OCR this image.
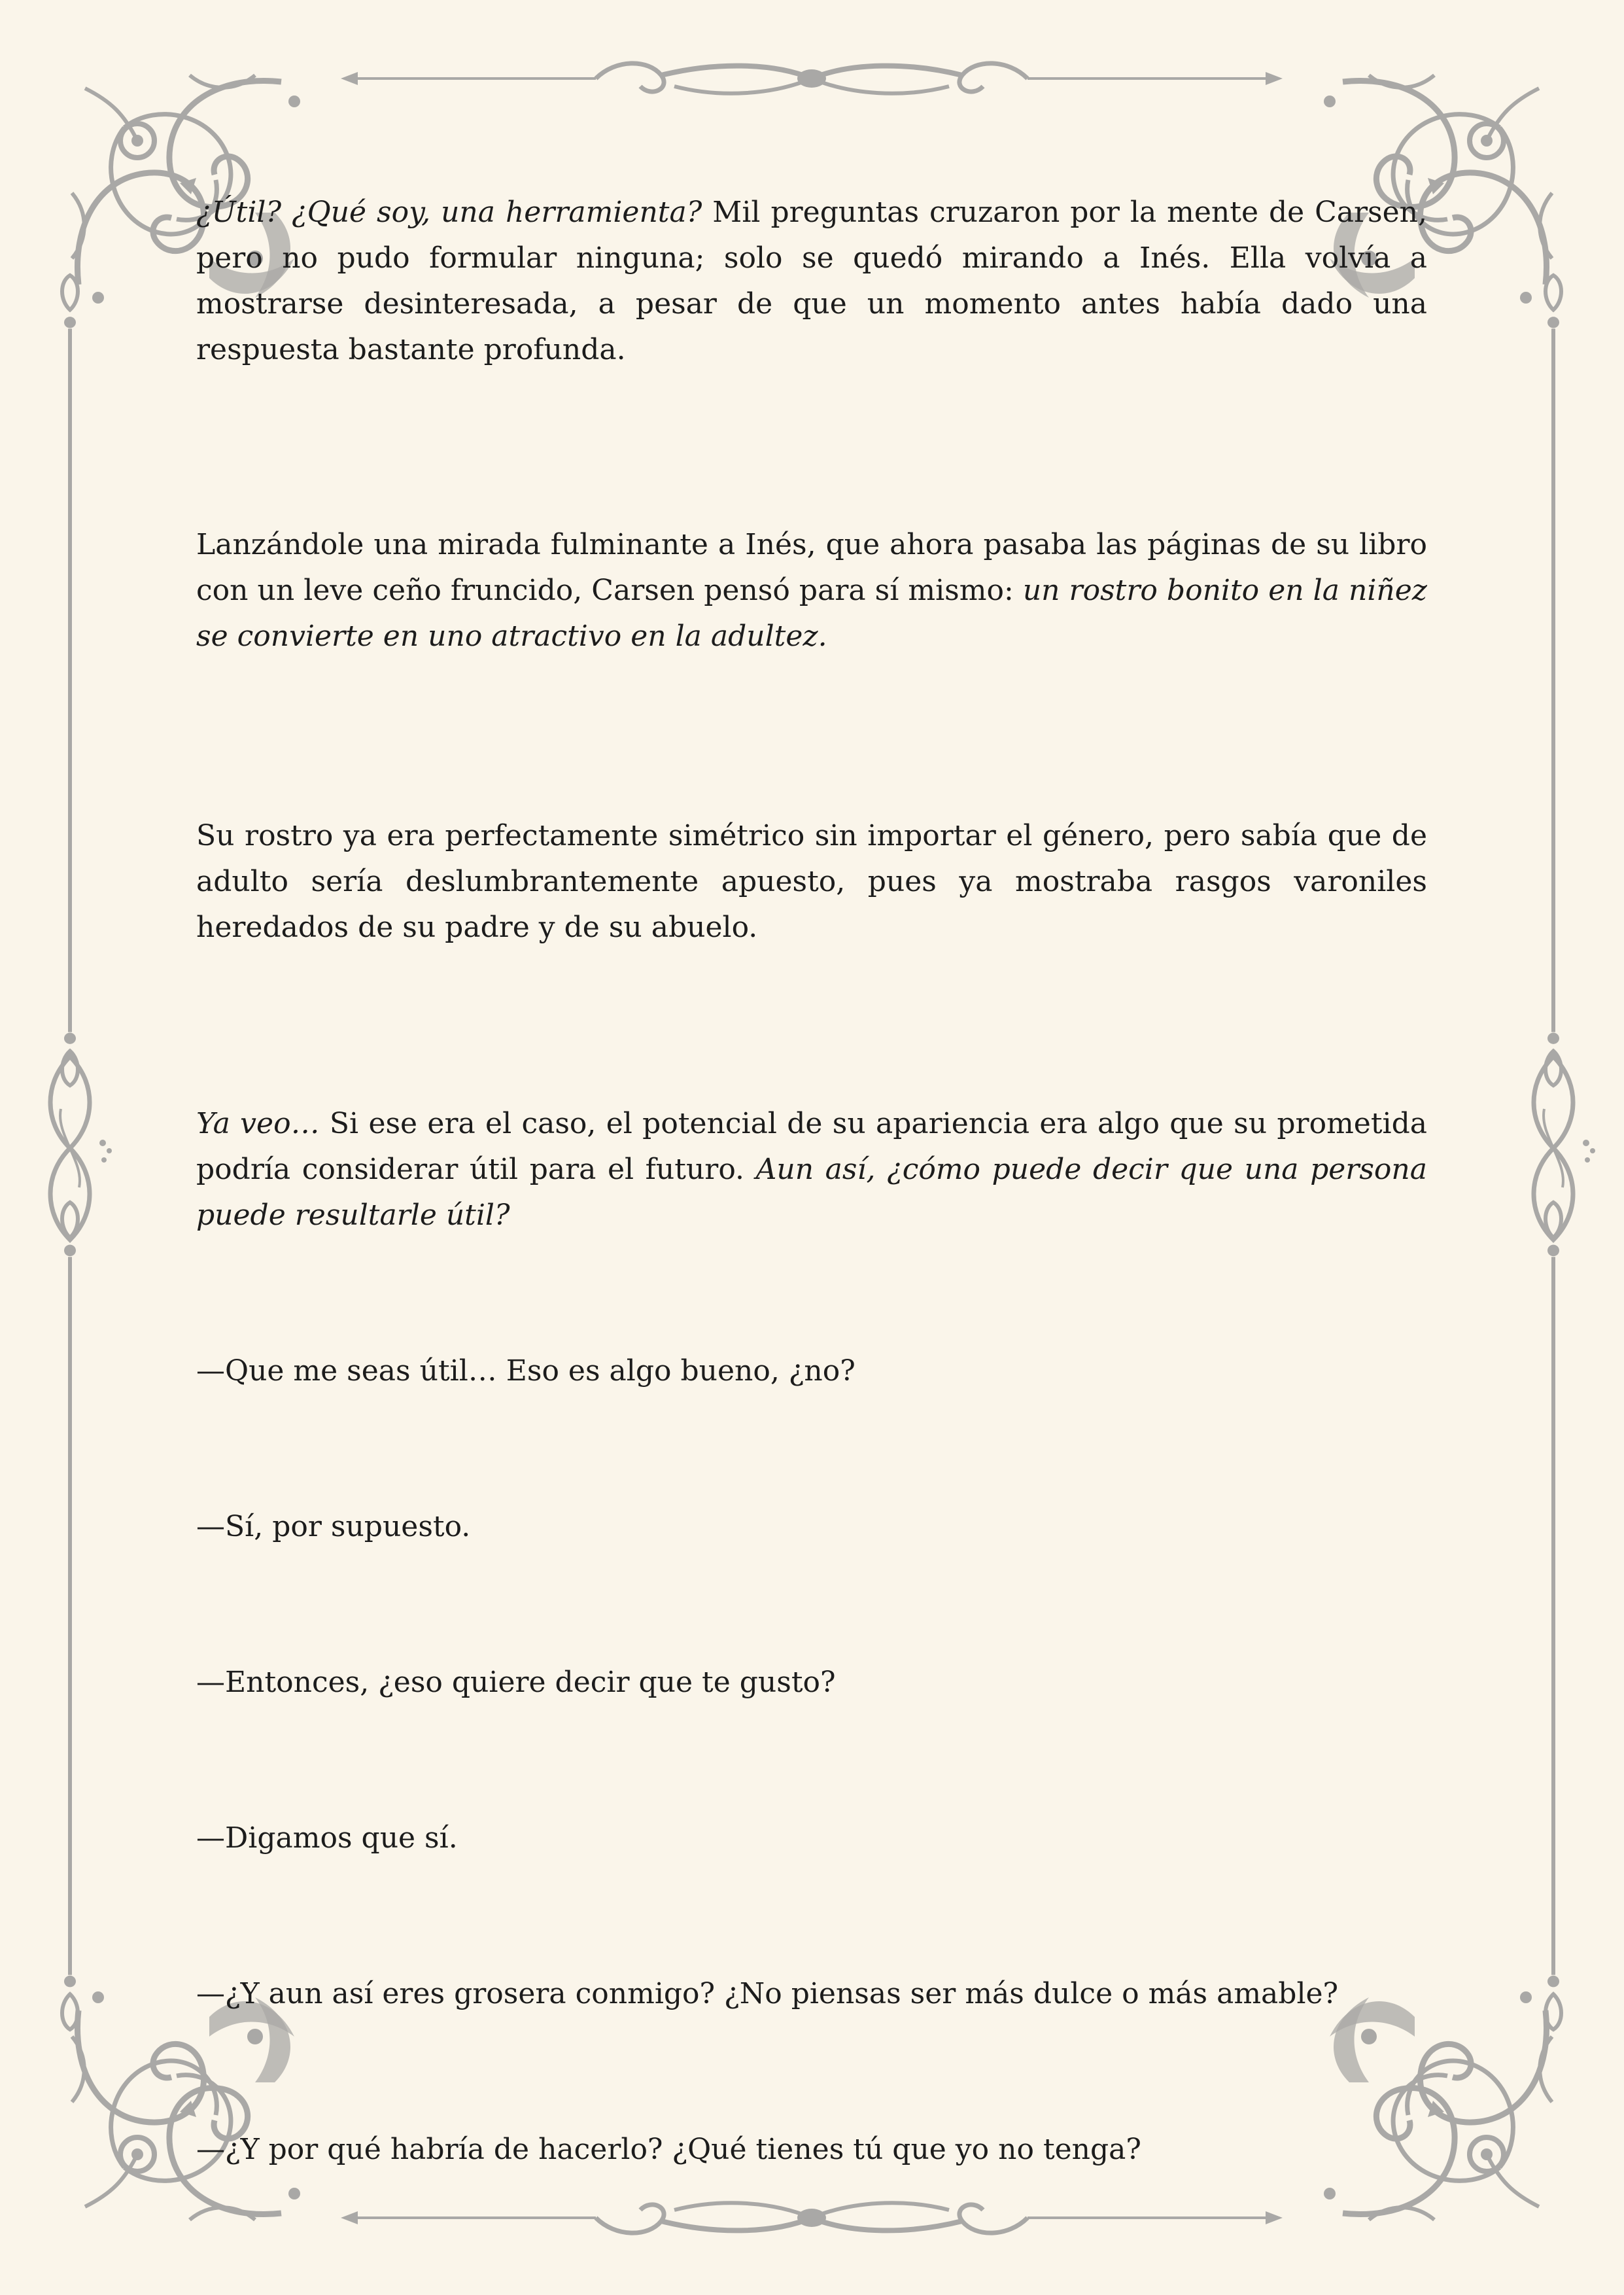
¿Útil? ¿Qué soy, una herramienta? Mil preguntas cruzaron por la mente de Carsen, pero no pudo formular ninguna; solo se quedó mirando a Inés. Ella volvía a mostrarse desinteresada, a pesar de que un momento antes había dado una respuesta bastante profunda.

Lanzándole una mirada fulminante a Inés, que ahora pasaba las páginas de su libro con un leve ceño fruncido, Carsen pensó para sí mismo: un rostro bonito en la niñez se convierte en uno atractivo en la adultez.

Su rostro ya era perfectamente simétrico sin importar el género, pero sabía que de adulto sería deslumbrantemente apuesto, pues ya mostraba rasgos varoniles heredados de su padre y de su abuelo.

Ya veo… Si ese era el caso, el potencial de su apariencia era algo que su prometida podría considerar útil para el futuro. Aun así, ¿cómo puede decir que una persona puede resultarle útil?

—Que me seas útil… Eso es algo bueno, ¿no?

—Sí, por supuesto.

—Entonces, ¿eso quiere decir que te gusto?

—Digamos que sí.

—¿Y aun así eres grosera conmigo? ¿No piensas ser más dulce o más amable?

—¿Y por qué habría de hacerlo? ¿Qué tienes tú que yo no tenga?
